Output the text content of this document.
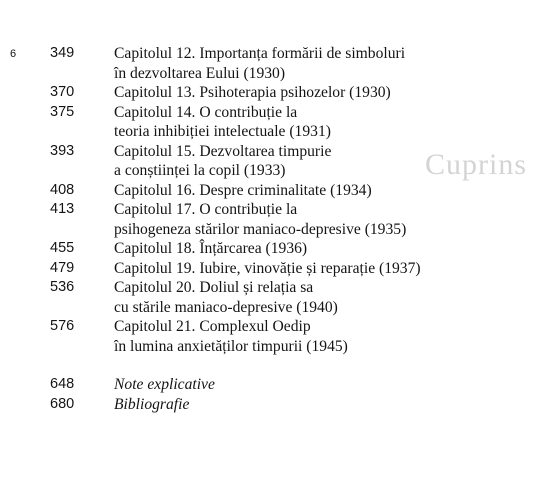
Cuprins
6 349	Capitolul 12. Importanța formării de simboluri
în dezvoltarea Eului (1930)
370	Capitolul 13. Psihoterapia psihozelor (1930)
375	Capitolul 14. O contribuție la
teoria inhibiției intelectuale (1931)
393	Capitolul 15. Dezvoltarea timpurie
a conștiinței la copil (1933)
408	Capitolul 16. Despre criminalitate (1934)
413	Capitolul 17. O contribuție la
psihogeneza stărilor maniaco-depresive (1935)
455	Capitolul 18. Înțărcarea (1936)
479	Capitolul 19. Iubire, vinovăție și reparație (1937)
536	Capitolul 20. Doliul și relația sa
cu stările maniaco-depresive (1940)
576	Capitolul 21. Complexul Oedip
în lumina anxietăților timpurii (1945)
648	Note explicative
680	Bibliografie
